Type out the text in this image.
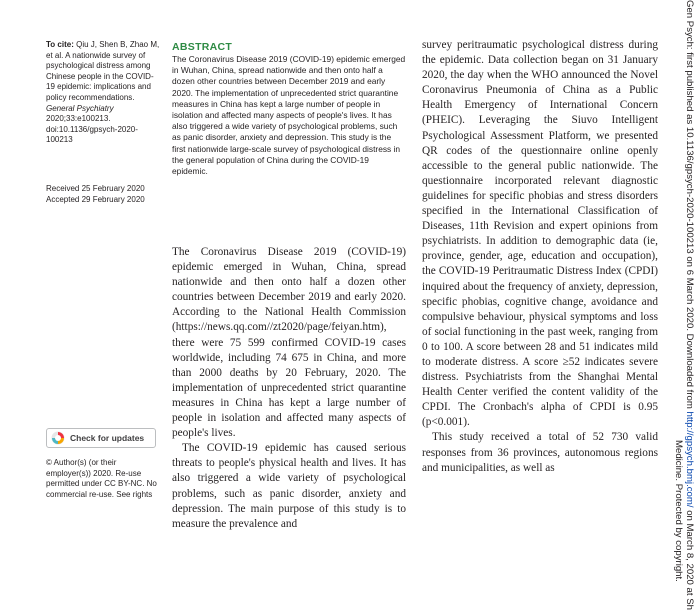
To cite: Qiu J, Shen B, Zhao M, et al. A nationwide survey of psychological distress among Chinese people in the COVID-19 epidemic: implications and policy recommendations. General Psychiatry 2020;33:e100213. doi:10.1136/gpsych-2020-100213
Received 25 February 2020
Accepted 29 February 2020
Check for updates
© Author(s) (or their employer(s)) 2020. Re-use permitted under CC BY-NC. No commercial re-use. See rights
ABSTRACT
The Coronavirus Disease 2019 (COVID-19) epidemic emerged in Wuhan, China, spread nationwide and then onto half a dozen other countries between December 2019 and early 2020. The implementation of unprecedented strict quarantine measures in China has kept a large number of people in isolation and affected many aspects of people's lives. It has also triggered a wide variety of psychological problems, such as panic disorder, anxiety and depression. This study is the first nationwide large-scale survey of psychological distress in the general population of China during the COVID-19 epidemic.

The Coronavirus Disease 2019 (COVID-19) epidemic emerged in Wuhan, China, spread nationwide and then onto half a dozen other countries between December 2019 and early 2020. According to the National Health Commission (https://news.qq.com//zt2020/page/feiyan.htm), there were 75 599 confirmed COVID-19 cases worldwide, including 74 675 in China, and more than 2000 deaths by 20 February, 2020. The implementation of unprecedented strict quarantine measures in China has kept a large number of people in isolation and affected many aspects of people's lives.

The COVID-19 epidemic has caused serious threats to people's physical health and lives. It has also triggered a wide variety of psychological problems, such as panic disorder, anxiety and depression. The main purpose of this study is to measure the prevalence and

survey peritraumatic psychological distress during the epidemic. Data collection began on 31 January 2020, the day when the WHO announced the Novel Coronavirus Pneumonia of China as a Public Health Emergency of International Concern (PHEIC). Leveraging the Siuvo Intelligent Psychological Assessment Platform, we presented QR codes of the questionnaire online openly accessible to the general public nationwide. The questionnaire incorporated relevant diagnostic guidelines for specific phobias and stress disorders specified in the International Classification of Diseases, 11th Revision and expert opinions from psychiatrists. In addition to demographic data (ie, province, gender, age, education and occupation), the COVID-19 Peritraumatic Distress Index (CPDI) inquired about the frequency of anxiety, depression, specific phobias, cognitive change, avoidance and compulsive behaviour, physical symptoms and loss of social functioning in the past week, ranging from 0 to 100. A score between 28 and 51 indicates mild to moderate distress. A score ≥52 indicates severe distress. Psychiatrists from the Shanghai Mental Health Center verified the content validity of the CPDI. The Cronbach's alpha of CPDI is 0.95 (p<0.001).

This study received a total of 52 730 valid responses from 36 provinces, autonomous regions and municipalities, as well as

Gen Psych: first published as 10.1136/gpsych-2020-100213 on 6 March 2020. Downloaded from http://gpsych.bmj.com/ on March 8, 2020 at Sh
Medicine. Protected by copyright.
